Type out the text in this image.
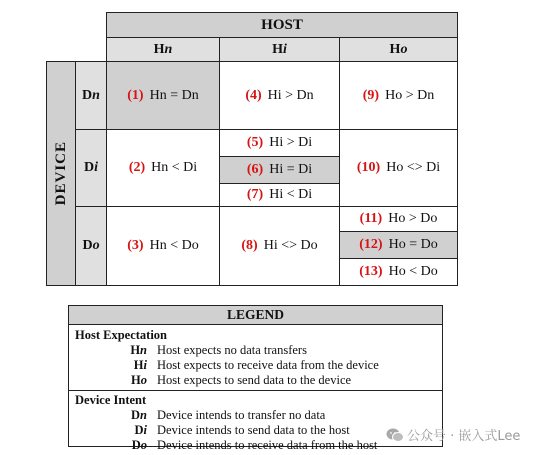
HOST
H n	H i	H o
DEVICE
D n
D i
D o
(1) Hn = Dn
(2) Hn < Di
(3) Hn < Do
(4) Hi > Dn
(5) Hi > Di
(6) Hi = Di
(7) Hi < Di
(8) Hi <> Do
(9) Ho > Dn
(10) Ho <> Di
(11) Ho > Do
(12) Ho = Do
(13) Ho < Do
LEGEND
Host Expectation
Hn Host expects no data transfers
Hi Host expects to receive data from the device
Ho Host expects to send data to the device
Device Intent
Dn Device intends to transfer no data
Di Device intends to send data to the host
Do Device intends to receive data from the host
公众号 · 嵌入式Lee
